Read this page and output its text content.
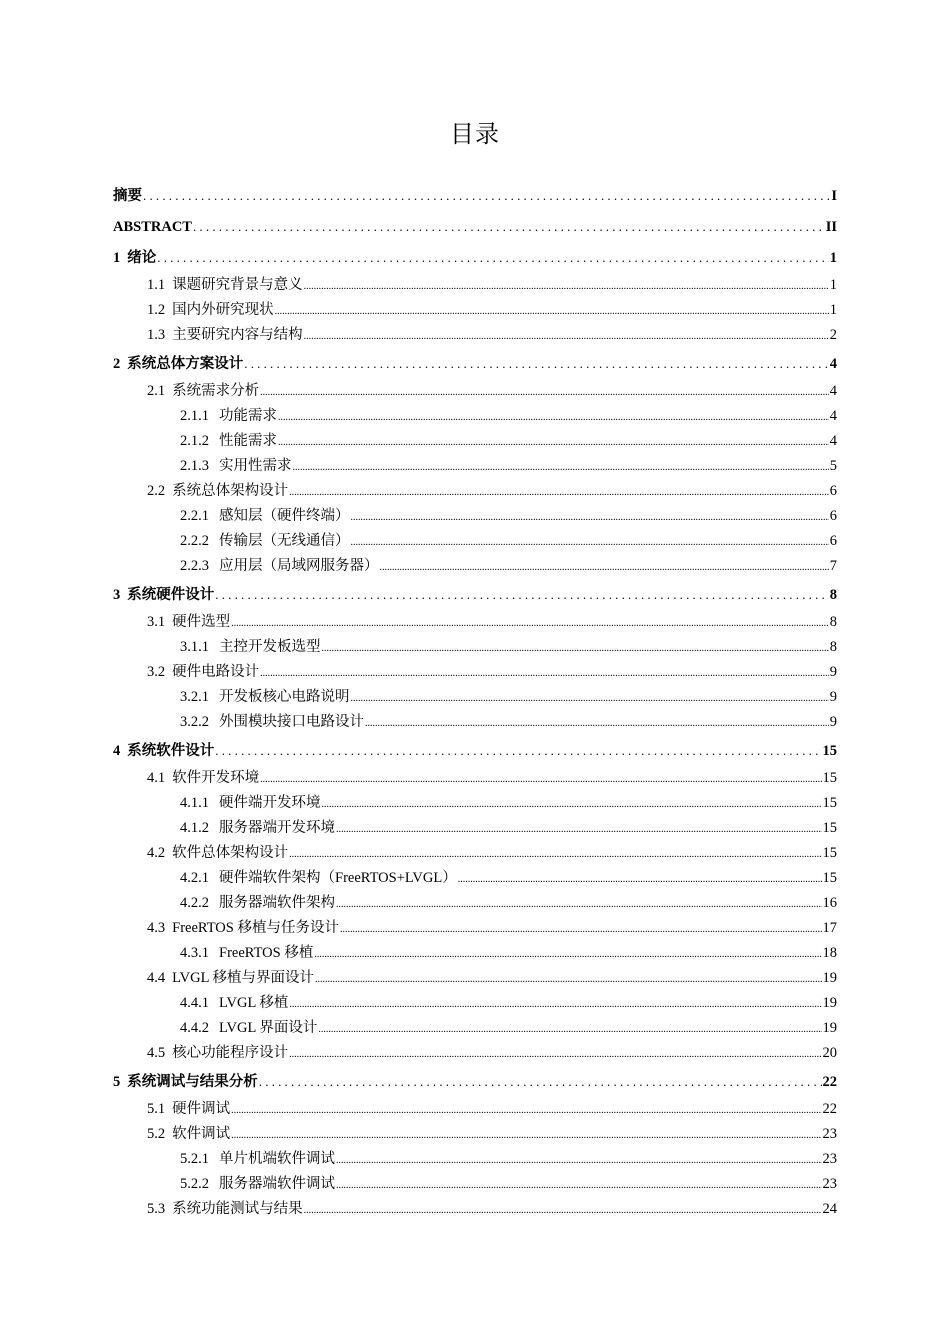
目录
摘要 .....	I
ABSTRACT .....	II
1 绪论 .....	1
1.1 课题研究背景与意义 .....	1
1.2 国内外研究现状 .....	1
1.3 主要研究内容与结构 .....	2
2 系统总体方案设计 .....	4
2.1 系统需求分析 .....	4
2.1.1 功能需求 .....	4
2.1.2 性能需求 .....	4
2.1.3 实用性需求 .....	5
2.2 系统总体架构设计 .....	6
2.2.1 感知层（硬件终端） .....	6
2.2.2 传输层（无线通信） .....	6
2.2.3 应用层（局域网服务器） .....	7
3 系统硬件设计 .....	8
3.1 硬件选型 .....	8
3.1.1 主控开发板选型 .....	8
3.2 硬件电路设计 .....	9
3.2.1 开发板核心电路说明 .....	9
3.2.2 外围模块接口电路设计 .....	9
4 系统软件设计 .....	15
4.1 软件开发环境 .....	15
4.1.1 硬件端开发环境 .....	15
4.1.2 服务器端开发环境 .....	15
4.2 软件总体架构设计 .....	15
4.2.1 硬件端软件架构（FreeRTOS+LVGL） .....	15
4.2.2 服务器端软件架构 .....	16
4.3 FreeRTOS 移植与任务设计 .....	17
4.3.1 FreeRTOS 移植 .....	18
4.4 LVGL 移植与界面设计 .....	19
4.4.1 LVGL 移植 .....	19
4.4.2 LVGL 界面设计 .....	19
4.5 核心功能程序设计 .....	20
5 系统调试与结果分析 .....	22
5.1 硬件调试 .....	22
5.2 软件调试 .....	23
5.2.1 单片机端软件调试 .....	23
5.2.2 服务器端软件调试 .....	23
5.3 系统功能测试与结果 .....	24
